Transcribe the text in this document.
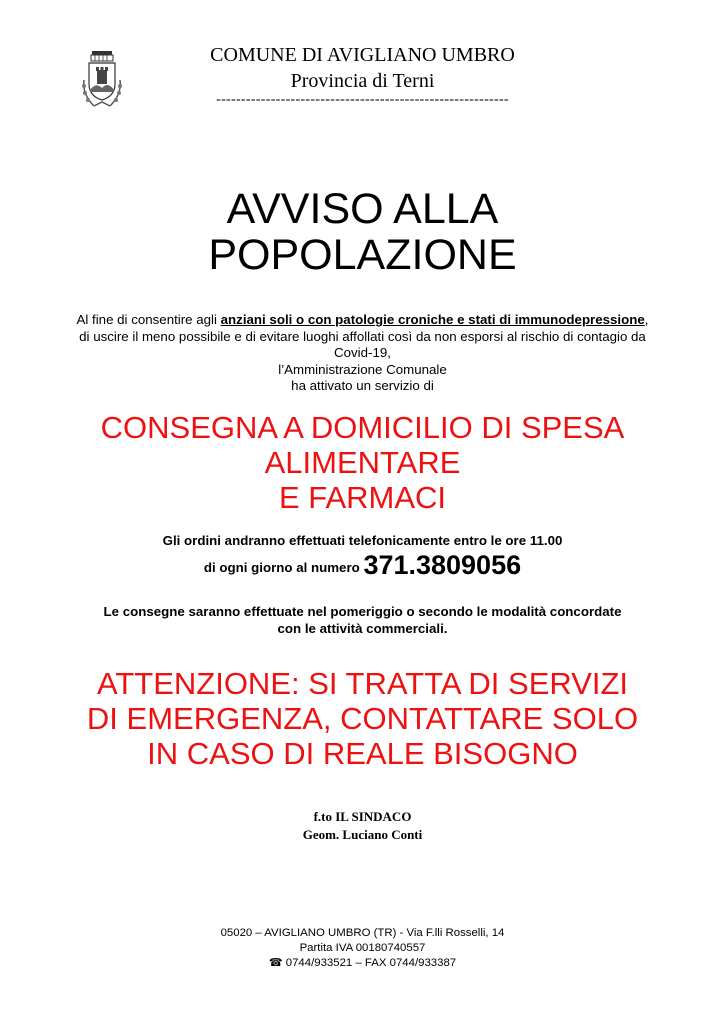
COMUNE DI AVIGLIANO UMBRO
Provincia di Terni
-----------------------------------------------------------
AVVISO ALLA
POPOLAZIONE
Al fine di consentire agli anziani soli o con patologie croniche e stati di immunodepressione, di uscire il meno possibile e di evitare luoghi affollati così da non esporsi al rischio di contagio da Covid-19,
l’Amministrazione Comunale
ha attivato un servizio di
CONSEGNA A DOMICILIO DI SPESA
ALIMENTARE
E FARMACI
Gli ordini andranno effettuati telefonicamente entro le ore 11.00
di ogni giorno al numero 371.3809056
Le consegne saranno effettuate nel pomeriggio o secondo le modalità concordate
con le attività commerciali.
ATTENZIONE: SI TRATTA DI SERVIZI
DI EMERGENZA, CONTATTARE SOLO
IN CASO DI REALE BISOGNO
f.to IL SINDACO
Geom. Luciano Conti
05020 – AVIGLIANO UMBRO (TR) - Via F.lli Rosselli, 14
Partita IVA 00180740557
☎ 0744/933521 – FAX 0744/933387
